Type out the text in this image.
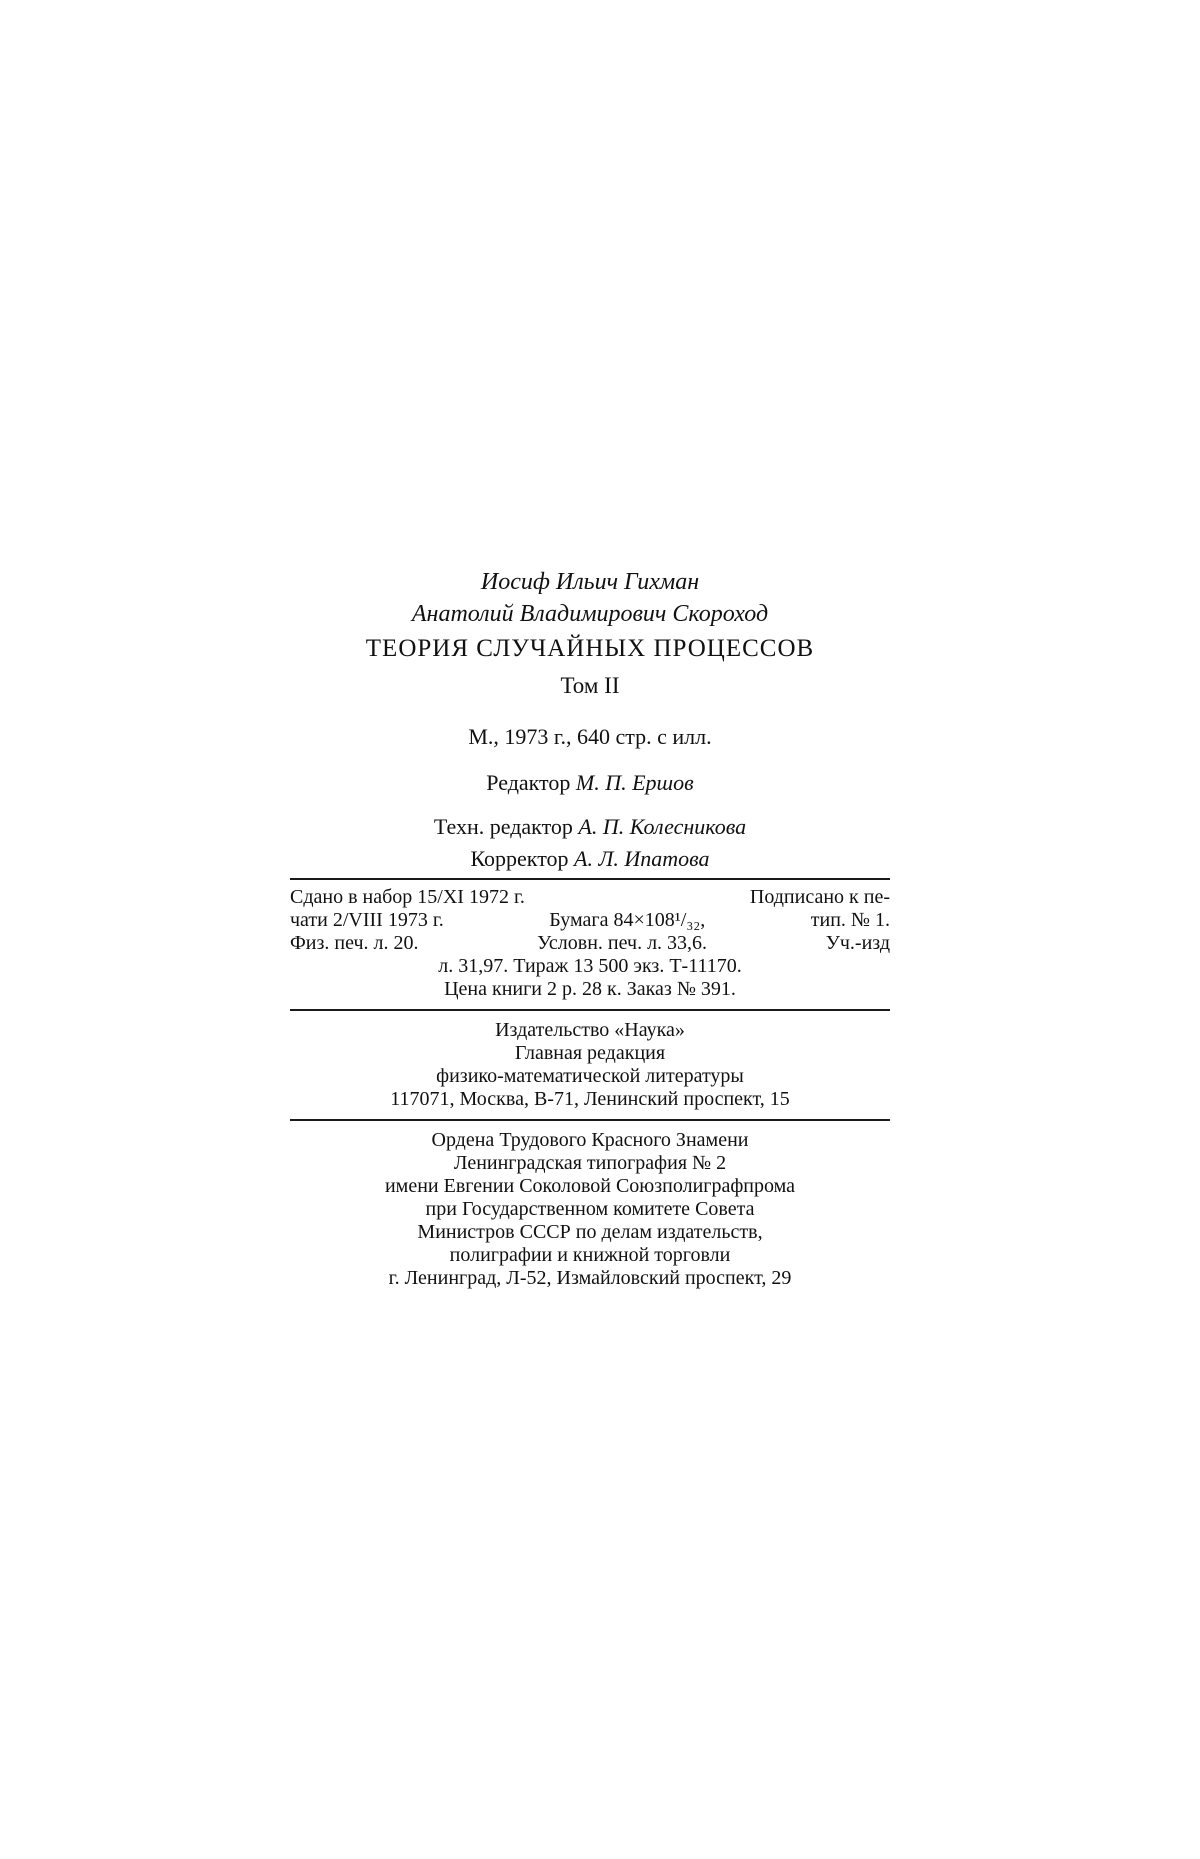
Иосиф Ильич Гихман
Анатолий Владимирович Скороход
ТЕОРИЯ СЛУЧАЙНЫХ ПРОЦЕССОВ
Том II
М., 1973 г., 640 стр. с илл.
Редактор М. П. Ершов
Техн. редактор А. П. Колесникова
Корректор А. Л. Ипатова
Сдано в набор 15/XI 1972 г.	Подписано к пе-
чати 2/VIII 1973 г.	Бумага 84×108¹/₃₂,	тип. № 1.
Физ. печ. л. 20.	Условн. печ. л. 33,6.	Уч.-изд
л. 31,97. Тираж 13 500 экз. Т-11170.
Цена книги 2 р. 28 к. Заказ № 391.
Издательство «Наука»
Главная редакция
физико-математической литературы
117071, Москва, В-71, Ленинский проспект, 15
Ордена Трудового Красного Знамени
Ленинградская типография № 2
имени Евгении Соколовой Союзполиграфпрома
при Государственном комитете Совета
Министров СССР по делам издательств,
полиграфии и книжной торговли
г. Ленинград, Л-52, Измайловский проспект, 29
